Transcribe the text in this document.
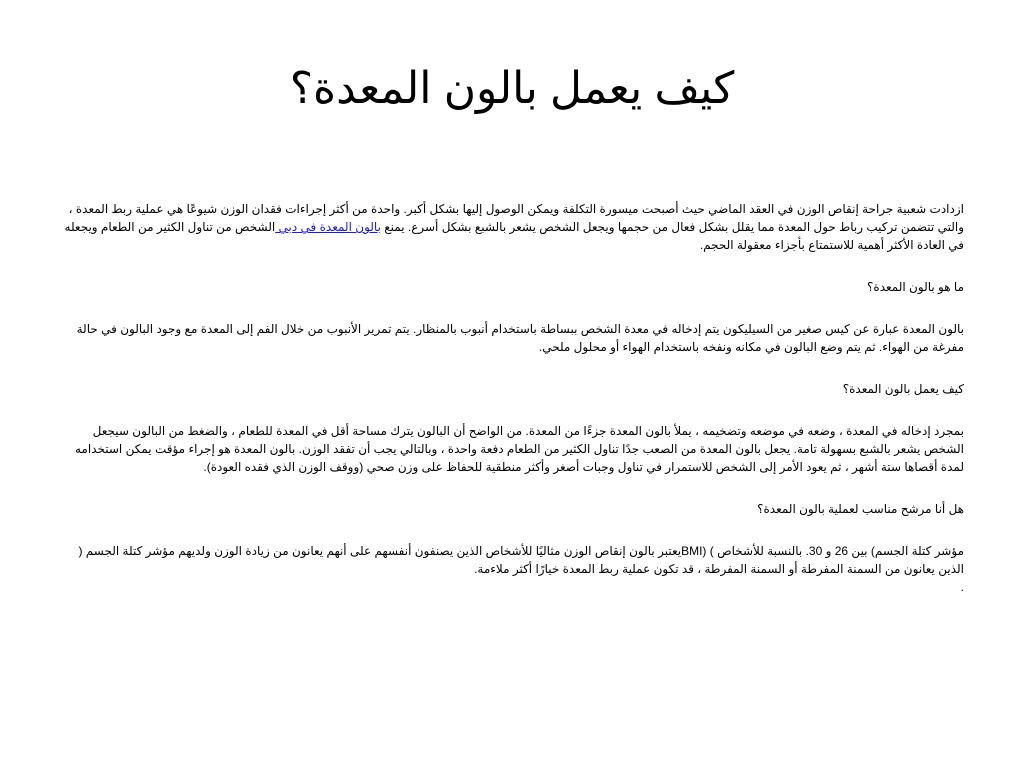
كيف يعمل بالون المعدة؟

ازدادت شعبية جراحة إنقاص الوزن في العقد الماضي حيث أصبحت ميسورة التكلفة ويمكن الوصول إليها بشكل أكبر. واحدة من أكثر إجراءات فقدان الوزن شيوعًا هي عملية ربط المعدة ، والتي تتضمن تركيب رباط حول المعدة مما يقلل بشكل فعال من حجمها ويجعل الشخص يشعر بالشبع بشكل أسرع. يمنع بالون المعدة في دبي الشخص من تناول الكثير من الطعام ويجعله في العادة الأكثر أهمية للاستمتاع بأجزاء معقولة الحجم.

ما هو بالون المعدة؟

بالون المعدة عبارة عن كيس صغير من السيليكون يتم إدخاله في معدة الشخص ببساطة باستخدام أنبوب بالمنظار. يتم تمرير الأنبوب من خلال الفم إلى المعدة مع وجود البالون في حالة مفرغة من الهواء. ثم يتم وضع البالون في مكانه ونفخه باستخدام الهواء أو محلول ملحي.

كيف يعمل بالون المعدة؟

بمجرد إدخاله في المعدة ، وضعه في موضعه وتضخيمه ، يملأ بالون المعدة جزءًا من المعدة. من الواضح أن البالون يترك مساحة أقل في المعدة للطعام ، والضغط من البالون سيجعل الشخص يشعر بالشبع بسهولة تامة. يجعل بالون المعدة من الصعب جدًا تناول الكثير من الطعام دفعة واحدة ، وبالتالي يجب أن تفقد الوزن. بالون المعدة هو إجراء مؤقت يمكن استخدامه لمدة أقصاها ستة أشهر ، ثم يعود الأمر إلى الشخص للاستمرار في تناول وجبات أصغر وأكثر منطقية للحفاظ على وزن صحي (ووقف الوزن الذي فقده العودة).

هل أنا مرشح مناسب لعملية بالون المعدة؟

مؤشر كتلة الجسم) بين 26 و 30. بالنسبة للأشخاص ) (BMIيعتبر بالون إنقاص الوزن مثاليًا للأشخاص الذين يصنفون أنفسهم على أنهم يعانون من زيادة الوزن ولديهم مؤشر كتلة الجسم ( الذين يعانون من السمنة المفرطة أو السمنة المفرطة ، قد تكون عملية ربط المعدة خيارًا أكثر ملاءمة.

.
